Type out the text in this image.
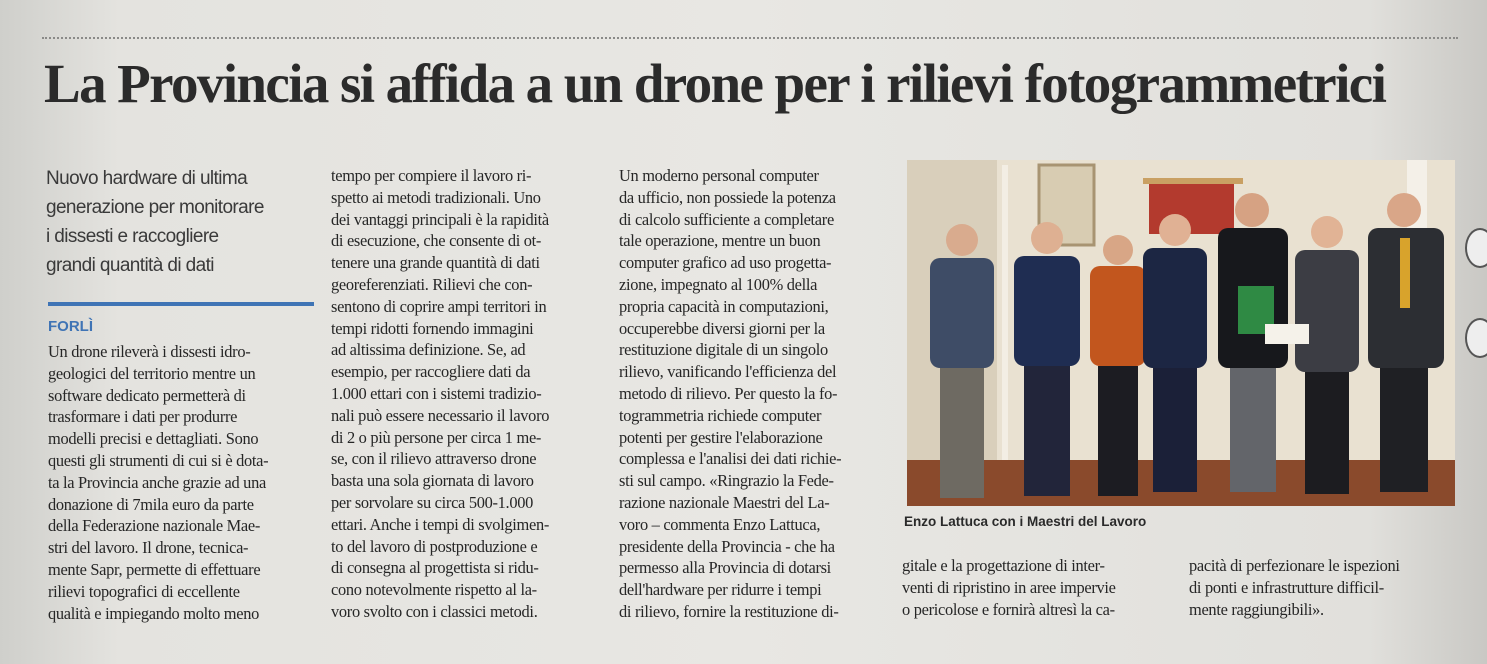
La Provincia si affida a un drone per i rilievi fotogrammetrici
Nuovo hardware di ultima
generazione per monitorare
i dissesti e raccogliere
grandi quantità di dati
FORLÌ
Un drone rileverà i dissesti idro-
geologici del territorio mentre un
software dedicato permetterà di
trasformare i dati per produrre
modelli precisi e dettagliati. Sono
questi gli strumenti di cui si è dota-
ta la Provincia anche grazie ad una
donazione di 7mila euro da parte
della Federazione nazionale Mae-
stri del lavoro. Il drone, tecnica-
mente Sapr, permette di effettuare
rilievi topografici di eccellente
qualità e impiegando molto meno
tempo per compiere il lavoro ri-
spetto ai metodi tradizionali. Uno
dei vantaggi principali è la rapidità
di esecuzione, che consente di ot-
tenere una grande quantità di dati
georeferenziati. Rilievi che con-
sentono di coprire ampi territori in
tempi ridotti fornendo immagini
ad altissima definizione. Se, ad
esempio, per raccogliere dati da
1.000 ettari con i sistemi tradizio-
nali può essere necessario il lavoro
di 2 o più persone per circa 1 me-
se, con il rilievo attraverso drone
basta una sola giornata di lavoro
per sorvolare su circa 500-1.000
ettari. Anche i tempi di svolgimen-
to del lavoro di postproduzione e
di consegna al progettista si ridu-
cono notevolmente rispetto al la-
voro svolto con i classici metodi.
Un moderno personal computer
da ufficio, non possiede la potenza
di calcolo sufficiente a completare
tale operazione, mentre un buon
computer grafico ad uso progetta-
zione, impegnato al 100% della
propria capacità in computazioni,
occuperebbe diversi giorni per la
restituzione digitale di un singolo
rilievo, vanificando l'efficienza del
metodo di rilievo. Per questo la fo-
togrammetria richiede computer
potenti per gestire l'elaborazione
complessa e l'analisi dei dati richie-
sti sul campo. «Ringrazio la Fede-
razione nazionale Maestri del La-
voro – commenta Enzo Lattuca,
presidente della Provincia - che ha
permesso alla Provincia di dotarsi
dell'hardware per ridurre i tempi
di rilievo, fornire la restituzione di-
gitale e la progettazione di inter-
venti di ripristino in aree impervie
o pericolose e fornirà altresì la ca-
pacità di perfezionare le ispezioni
di ponti e infrastrutture difficil-
mente raggiungibili».
Enzo Lattuca con i Maestri del Lavoro
